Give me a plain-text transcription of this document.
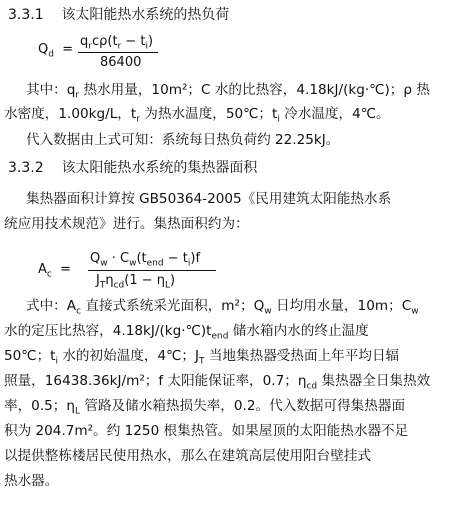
3.3.1 该太阳能热水系统的热负荷
$Q_d$ =
$q_rc\rho(t_r - t_i)$
86400
其中：$q_r$ 热水用量，10m²；C 水的比热容，4.18kJ/(kg·℃)；ρ 热
水密度，1.00kg/L，$t_r$ 为热水温度，50℃；$t_i$ 冷水温度，4℃。
代入数据由上式可知：系统每日热负荷约 22.25kJ。
3.3.2 该太阳能热水系统的集热器面积
集热器面积计算按 GB50364-2005《民用建筑太阳能热水系
统应用技术规范》进行。集热面积约为：
$A_c$ =
$Q_w \cdot C_w(t_{end} - t_i)f$
$J_T\eta_{cd}(1 - \eta_L)$
式中：$A_c$ 直接式系统采光面积，m²；$Q_w$ 日均用水量，10m；$C_w$
水的定压比热容，$4.18kJ/(kg\cdot℃)t_{end}$ 储水箱内水的终止温度
50℃；$t_i$ 水的初始温度，4℃；$J_T$ 当地集热器受热面上年平均日辐
照量，16438.36kJ/m²；f 太阳能保证率，0.7；$\eta_{cd}$ 集热器全日集热效
率，0.5；$\eta_L$ 管路及储水箱热损失率，0.2。代入数据可得集热器面
积为 204.7m²。约 1250 根集热管。如果屋顶的太阳能热水器不足
以提供整栋楼居民使用热水，那么在建筑高层使用阳台壁挂式
热水器。
